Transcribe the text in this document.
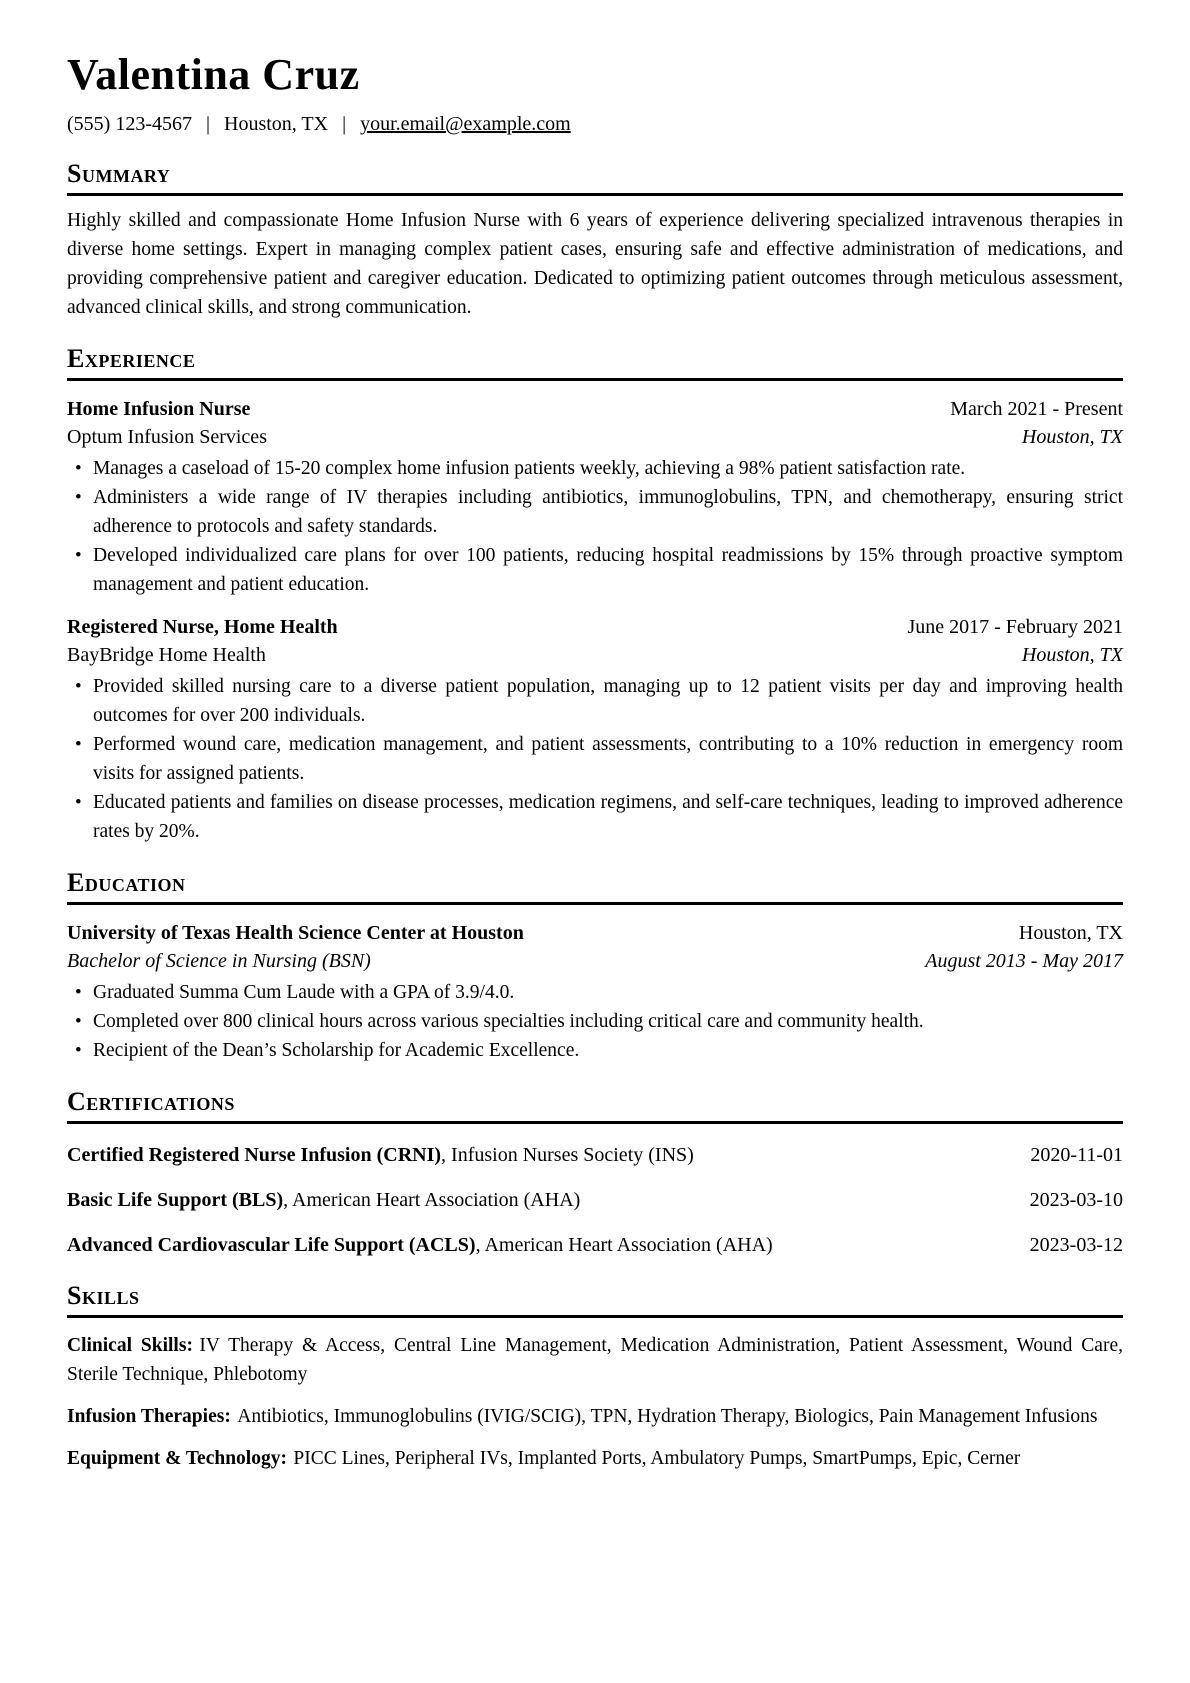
Valentina Cruz
(555) 123-4567 | Houston, TX | your.email@example.com
Summary

Highly skilled and compassionate Home Infusion Nurse with 6 years of experience delivering specialized intravenous therapies in diverse home settings. Expert in managing complex patient cases, ensuring safe and effective administration of medications, and providing comprehensive patient and caregiver education. Dedicated to optimizing patient outcomes through meticulous assessment, advanced clinical skills, and strong communication.

Experience
Home Infusion Nurse	March 2021 - Present
Optum Infusion Services	Houston, TX
• Manages a caseload of 15-20 complex home infusion patients weekly, achieving a 98% patient satisfaction rate.
• Administers a wide range of IV therapies including antibiotics, immunoglobulins, TPN, and chemotherapy, ensuring strict adherence to protocols and safety standards.
• Developed individualized care plans for over 100 patients, reducing hospital readmissions by 15% through proactive symptom management and patient education.
Registered Nurse, Home Health	June 2017 - February 2021
BayBridge Home Health	Houston, TX
• Provided skilled nursing care to a diverse patient population, managing up to 12 patient visits per day and improving health outcomes for over 200 individuals.
• Performed wound care, medication management, and patient assessments, contributing to a 10% reduction in emergency room visits for assigned patients.
• Educated patients and families on disease processes, medication regimens, and self-care techniques, leading to improved adherence rates by 20%.
Education
University of Texas Health Science Center at Houston	Houston, TX
Bachelor of Science in Nursing (BSN)	August 2013 - May 2017
• Graduated Summa Cum Laude with a GPA of 3.9/4.0.
• Completed over 800 clinical hours across various specialties including critical care and community health.
• Recipient of the Dean’s Scholarship for Academic Excellence.
Certifications
Certified Registered Nurse Infusion (CRNI), Infusion Nurses Society (INS)	2020-11-01
Basic Life Support (BLS), American Heart Association (AHA)	2023-03-10
Advanced Cardiovascular Life Support (ACLS), American Heart Association (AHA)	2023-03-12
Skills

Clinical Skills: IV Therapy & Access, Central Line Management, Medication Administration, Patient Assessment, Wound Care, Sterile Technique, Phlebotomy

Infusion Therapies: Antibiotics, Immunoglobulins (IVIG/SCIG), TPN, Hydration Therapy, Biologics, Pain Management Infusions

Equipment & Technology: PICC Lines, Peripheral IVs, Implanted Ports, Ambulatory Pumps, SmartPumps, Epic, Cerner
